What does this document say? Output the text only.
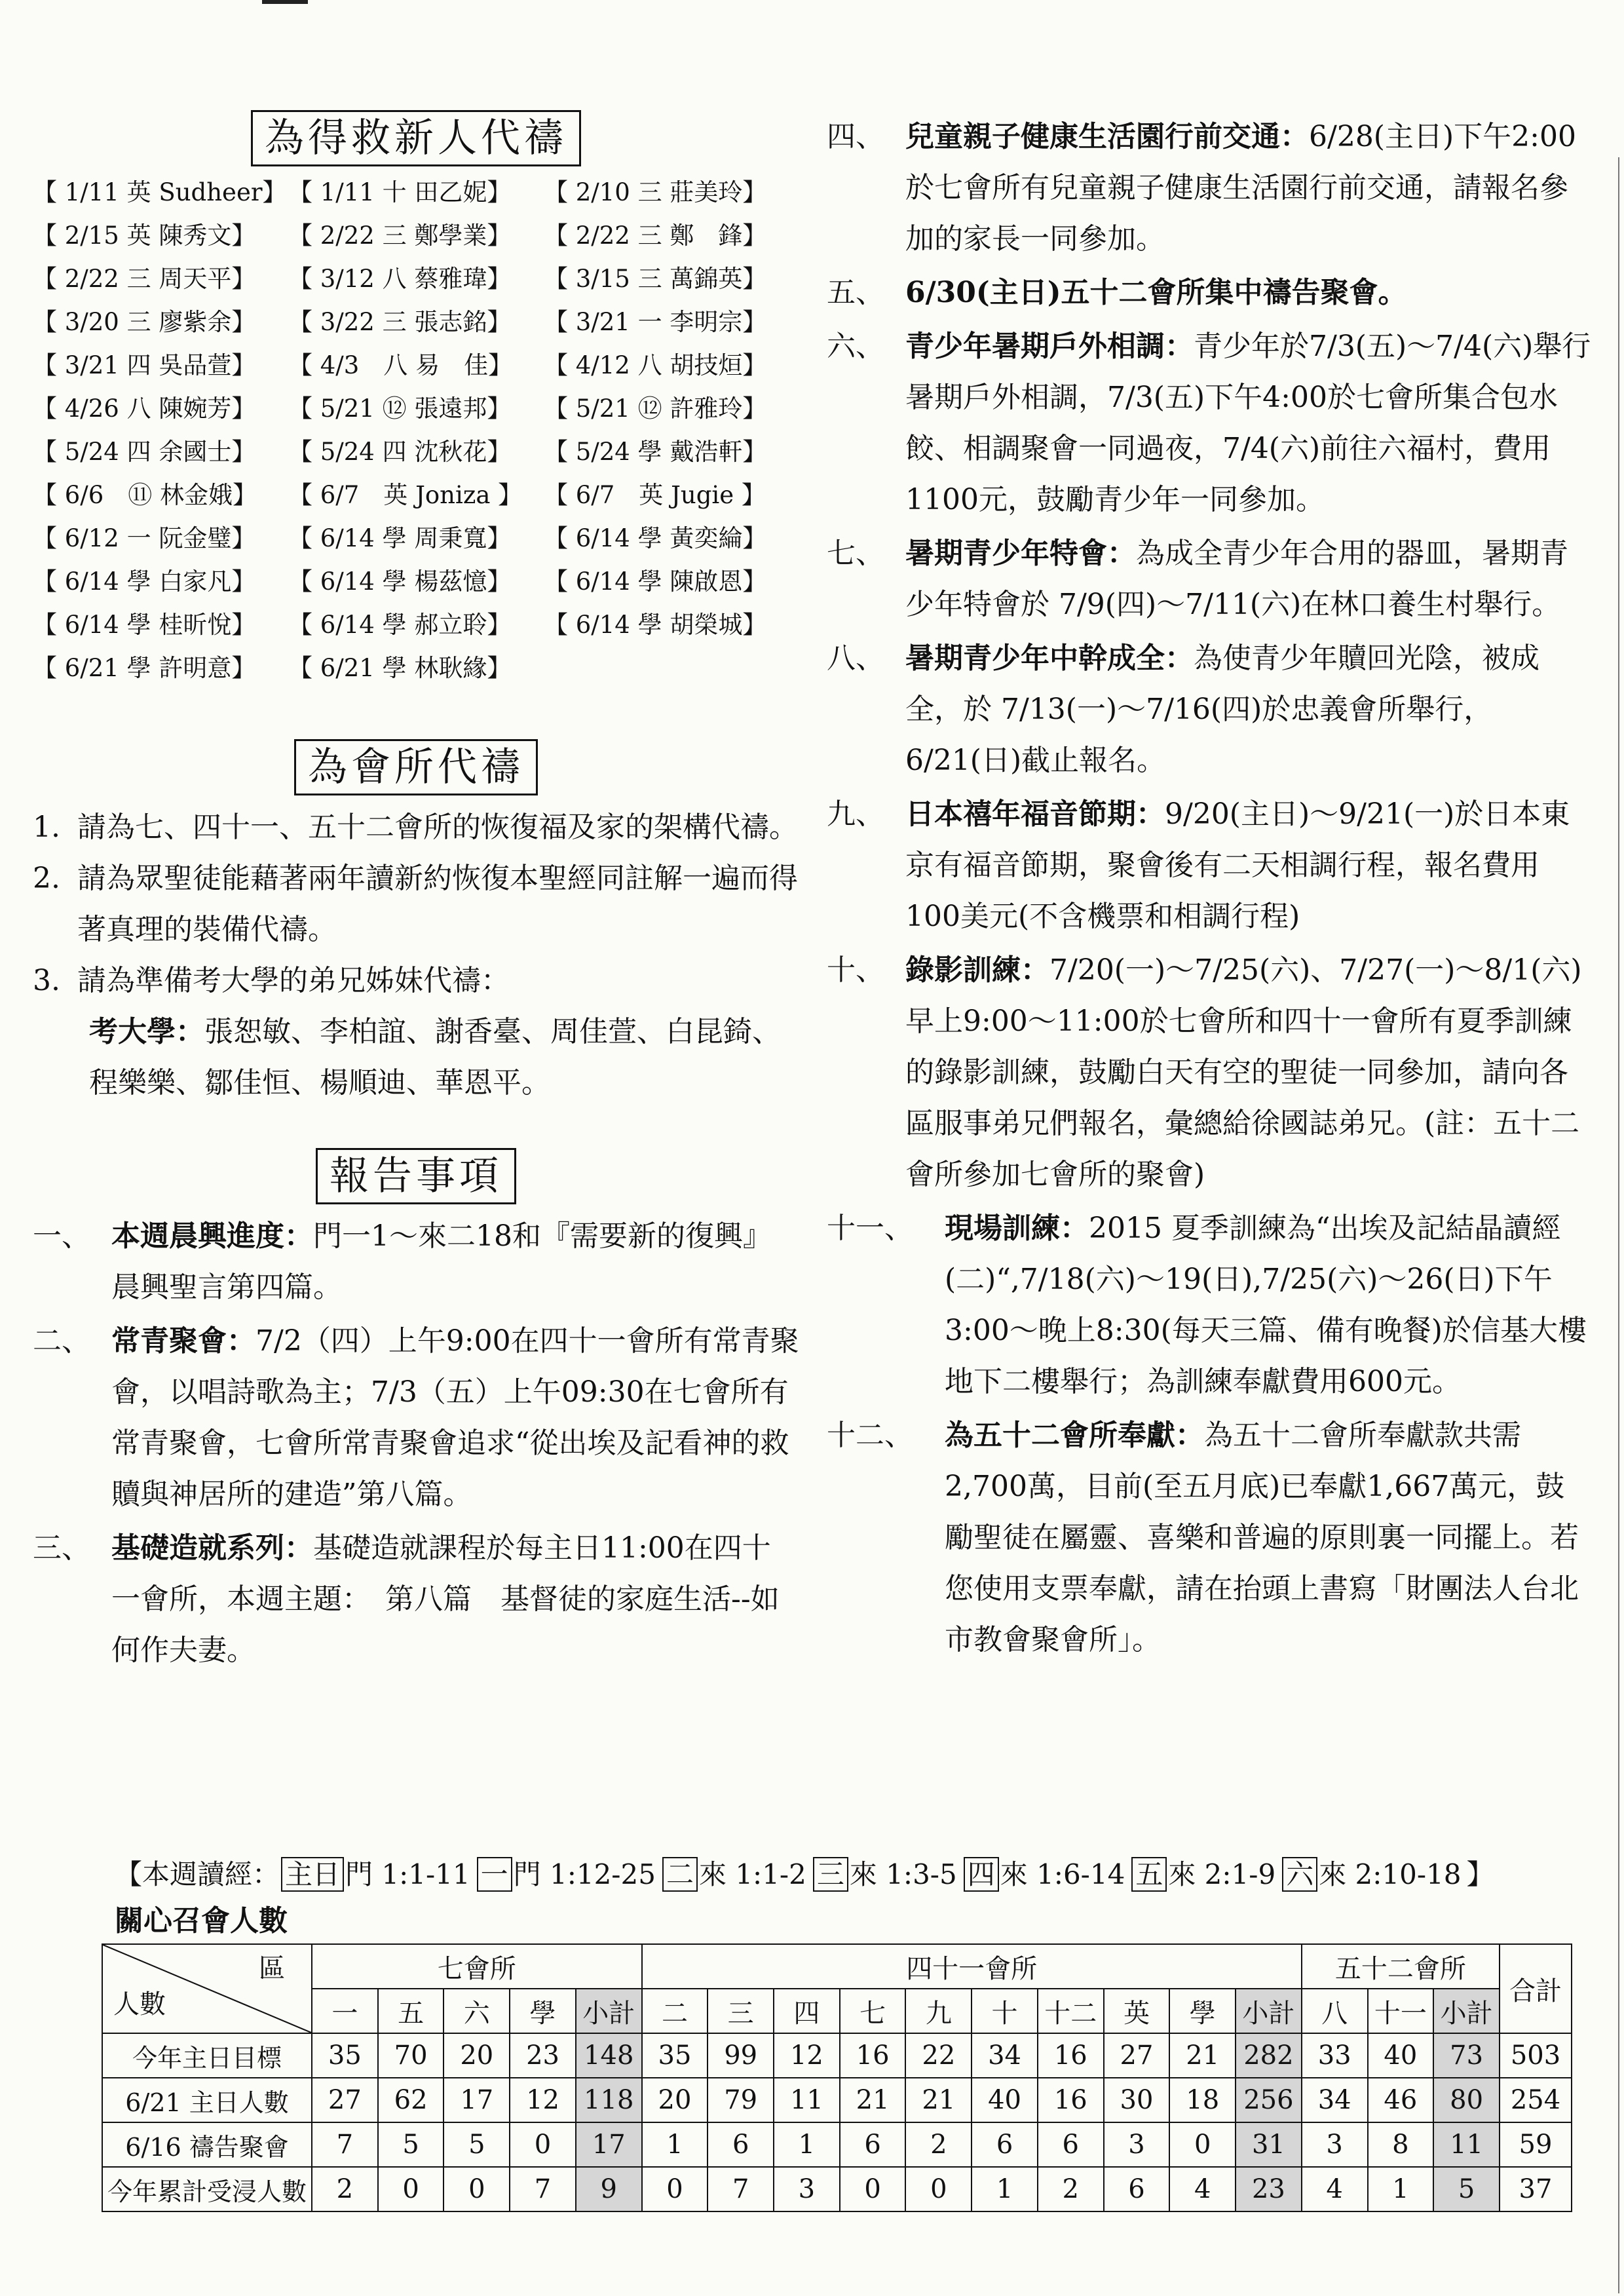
為得救新人代禱
【 1/11 英 Sudheer】 【 1/11 十 田乙妮】	【 2/10 三 莊美玲】
【 2/15 英 陳秀文】	【 2/22 三 鄭學業】	【 2/22 三 鄭　鋒】
【 2/22 三 周天平】	【 3/12 八 蔡雅瑋】	【 3/15 三 萬錦英】
【 3/20 三 廖紫余】	【 3/22 三 張志銘】	【 3/21 一 李明宗】
【 3/21 四 吳品萱】	【 4/3　八 易　佳】	【 4/12 八 胡技烜】
【 4/26 八 陳婉芳】	【 5/21 ⑫ 張遠邦】	【 5/21 ⑫ 許雅玲】
【 5/24 四 余國士】	【 5/24 四 沈秋花】	【 5/24 學 戴浩軒】
【 6/6　⑪ 林金娥】	【 6/7　英 Joniza 】 【 6/7　英 Jugie 】
【 6/12 一 阮金璧】	【 6/14 學 周秉寬】	【 6/14 學 黃奕綸】
【 6/14 學 白家凡】	【 6/14 學 楊茲憶】	【 6/14 學 陳啟恩】
【 6/14 學 桂昕悅】	【 6/14 學 郝立聆】	【 6/14 學 胡榮城】
【 6/21 學 許明意】	【 6/21 學 林耿緣】
為會所代禱
1. 請為七、四十一、五十二會所的恢復福及家的架構代禱。
2. 請為眾聖徒能藉著兩年讀新約恢復本聖經同註解一遍而得著真理的裝備代禱。
3. 請為準備考大學的弟兄姊妹代禱：
考大學：張恕敏、李柏誼、謝香臺、周佳萱、白昆錡、程樂樂、鄒佳恒、楊順迪、華恩平。
報告事項
一、 本週晨興進度：門一1～來二18和『需要新的復興』晨興聖言第四篇。
二、 常青聚會：7/2（四）上午9:00在四十一會所有常青聚會，以唱詩歌為主；7/3（五）上午09:30在七會所有常青聚會，七會所常青聚會追求“從出埃及記看神的救贖與神居所的建造”第八篇。
三、 基礎造就系列：基礎造就課程於每主日11:00在四十一會所，本週主題：　第八篇　基督徒的家庭生活--如何作夫妻。
四、 兒童親子健康生活園行前交通：6/28(主日)下午2:00 於七會所有兒童親子健康生活園行前交通，請報名參加的家長一同參加。
五、 6/30(主日)五十二會所集中禱告聚會。
六、 青少年暑期戶外相調：青少年於7/3(五)～7/4(六)舉行暑期戶外相調，7/3(五)下午4:00於七會所集合包水餃、相調聚會一同過夜，7/4(六)前往六福村，費用1100元，鼓勵青少年一同參加。
七、 暑期青少年特會：為成全青少年合用的器皿，暑期青少年特會於 7/9(四)～7/11(六)在林口養生村舉行。
八、 暑期青少年中幹成全：為使青少年贖回光陰，被成全，於 7/13(一)～7/16(四)於忠義會所舉行，6/21(日)截止報名。
九、 日本禧年福音節期：9/20(主日)～9/21(一)於日本東京有福音節期，聚會後有二天相調行程，報名費用100美元(不含機票和相調行程)
十、 錄影訓練：7/20(一)～7/25(六)、7/27(一)～8/1(六)早上9:00～11:00於七會所和四十一會所有夏季訓練的錄影訓練，鼓勵白天有空的聖徒一同參加，請向各區服事弟兄們報名，彙總給徐國誌弟兄。(註：五十二會所參加七會所的聚會)
十一、	現場訓練：2015 夏季訓練為“出埃及記結晶讀經(二)“,7/18(六)～19(日),7/25(六)～26(日)下午3:00～晚上8:30(每天三篇、備有晚餐)於信基大樓地下二樓舉行；為訓練奉獻費用600元。
十二、	為五十二會所奉獻：為五十二會所奉獻款共需2,700萬，目前(至五月底)已奉獻1,667萬元，鼓勵聖徒在屬靈、喜樂和普遍的原則裏一同擺上。若您使用支票奉獻，請在抬頭上書寫「財團法人台北市教會聚會所」。
【本週讀經： 主日 門 1:1-11 一 門 1:12-25 二 來 1:1-2 三 來 1:3-5 四 來 1:6-14 五 來 2:1-9 六 來 2:10-18 】
關心召會人數
區
人數	七會所					四十一會所										五十二會所			合計
	一	五	六	學	小計	二	三	四	七	九	十	十二	英	學	小計	八	十一	小計	
今年主日目標	35	70	20	23	148	35	99	12	16	22	34	16	27	21	282	33	40	73	503
6/21 主日人數	27	62	17	12	118	20	79	11	21	21	40	16	30	18	256	34	46	80	254
6/16 禱告聚會	7	5	5	0	17	1	6	1	6	2	6	6	3	0	31	3	8	11	59
今年累計受浸人數	2	0	0	7	9	0	7	3	0	0	1	2	6	4	23	4	1	5	37
